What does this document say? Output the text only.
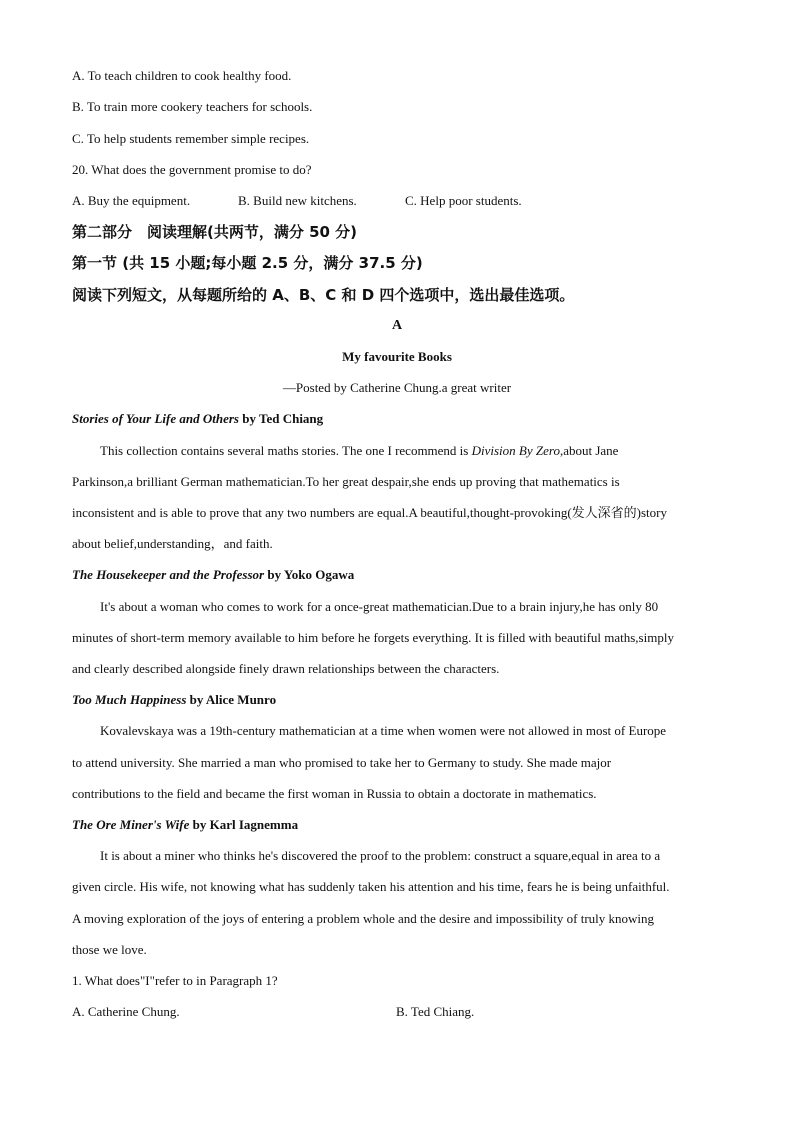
A. To teach children to cook healthy food.
B. To train more cookery teachers for schools.
C. To help students remember simple recipes.
20. What does the government promise to do?
A. Buy the equipment.	B. Build new kitchens.	C. Help poor students.
第二部分　阅读理解(共两节，满分 50 分)
第一节 (共 15 小题;每小题 2.5 分，满分 37.5 分)
阅读下列短文，从每题所给的 A、B、C 和 D 四个选项中，选出最佳选项。
A
My favourite Books
—Posted by Catherine Chung.a great writer
Stories of Your Life and Others by Ted Chiang
This collection contains several maths stories. The one I recommend is Division By Zero,about Jane
Parkinson,a brilliant German mathematician.To her great despair,she ends up proving that mathematics is
inconsistent and is able to prove that any two numbers are equal.A beautiful,thought-provoking(发人深省的)story
about belief,understanding，and faith.
The Housekeeper and the Professor by Yoko Ogawa
It's about a woman who comes to work for a once-great mathematician.Due to a brain injury,he has only 80
minutes of short-term memory available to him before he forgets everything. It is filled with beautiful maths,simply
and clearly described alongside finely drawn relationships between the characters.
Too Much Happiness by Alice Munro
Kovalevskaya was a 19th-century mathematician at a time when women were not allowed in most of Europe
to attend university. She married a man who promised to take her to Germany to study. She made major
contributions to the field and became the first woman in Russia to obtain a doctorate in mathematics.
The Ore Miner's Wife by Karl Iagnemma
It is about a miner who thinks he's discovered the proof to the problem: construct a square,equal in area to a
given circle. His wife, not knowing what has suddenly taken his attention and his time, fears he is being unfaithful.
A moving exploration of the joys of entering a problem whole and the desire and impossibility of truly knowing
those we love.
1. What does"I"refer to in Paragraph 1?
A. Catherine Chung.	B. Ted Chiang.
